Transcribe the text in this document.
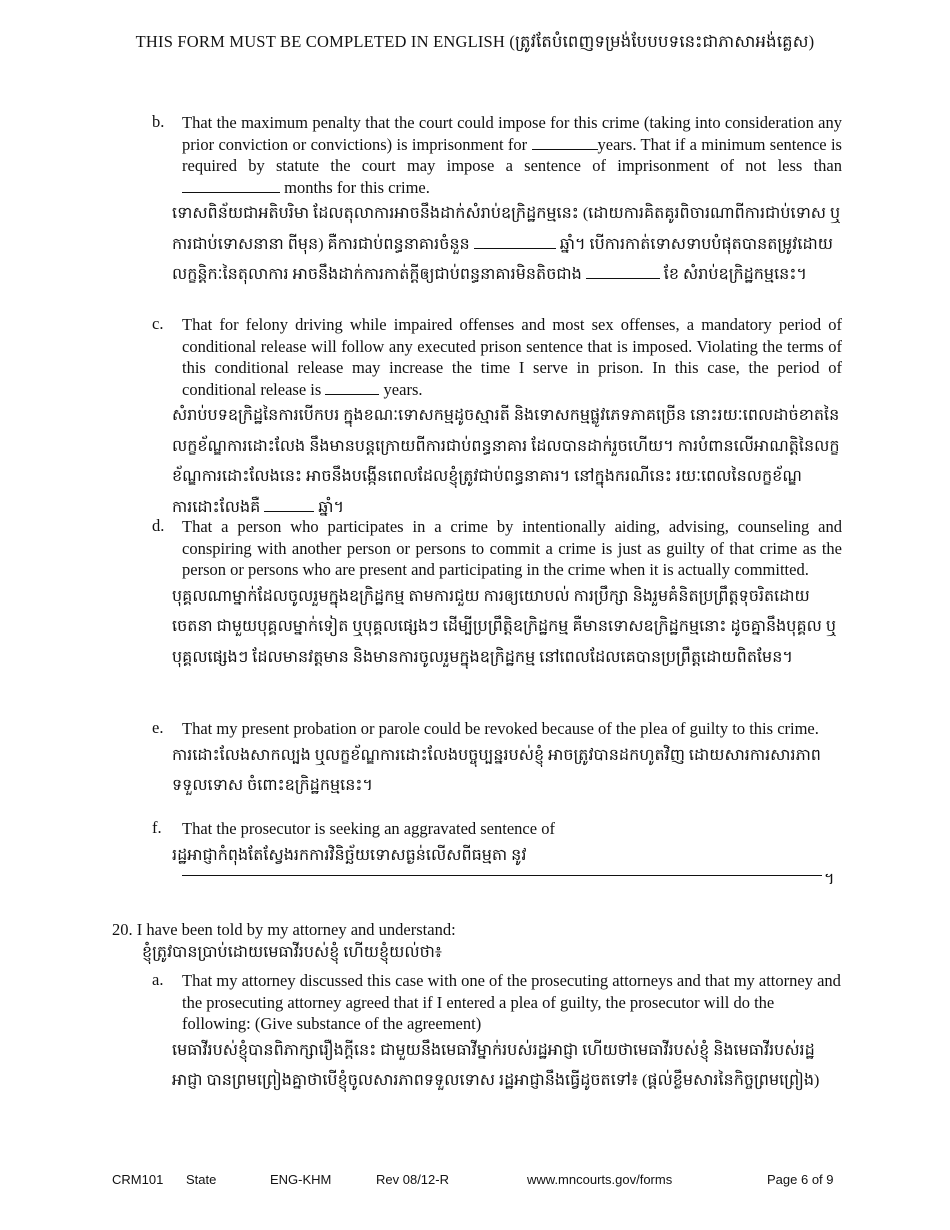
THIS FORM MUST BE COMPLETED IN ENGLISH (ត្រូវតែបំពេញទម្រង់បែបបទនេះជាភាសាអង់គ្លេស)
b.	That the maximum penalty that the court could impose for this crime (taking into consideration any prior conviction or convictions) is imprisonment for	years. That if a minimum sentence is required by statute the court may impose a sentence of imprisonment of not less than  months for this crime.
ទោសពិន័យជាអតិបរិមា ដែលតុលាការអាចនឹងដាក់សំរាប់ឧក្រិដ្ឋកម្មនេះ (ដោយការគិតគូរពិចារណាពីការជាប់ទោស ឬការជាប់ទោសនានា ពីមុន) គឺការជាប់ពន្ធនាគារចំនួន	ឆ្នាំ។ បើការកាត់ទោសទាបបំផុតបានតម្រូវដោយលក្ខន្តិកៈនៃតុលាការ អាចនឹងដាក់ការកាត់ក្ដីឲ្យជាប់ពន្ធនាគារមិនតិចជាង	ខែ សំរាប់ឧក្រិដ្ឋកម្មនេះ។
c.	That for felony driving while impaired offenses and most sex offenses, a mandatory period of conditional release will follow any executed prison sentence that is imposed. Violating the terms of this conditional release may increase the time I serve in prison. In this case, the period of conditional release is	years.
សំរាប់បទឧក្រិដ្ឋនៃការបើកបរ ក្នុងខណៈទោសកម្មដូចស្មារតី និងទោសកម្មផ្លូវភេទភាគច្រើន នោះរយៈពេលដាច់ខាតនៃលក្ខខ័ណ្ឌការដោះលែង នឹងមានបន្តក្រោយពីការជាប់ពន្ធនាគារ ដែលបានដាក់រួចហើយ។ ការបំពានលើអាណត្តិនៃលក្ខខ័ណ្ឌការដោះលែងនេះ អាចនឹងបង្កើនពេលដែលខ្ញុំត្រូវជាប់ពន្ធនាគារ។ នៅក្នុងករណីនេះ រយៈពេលនៃលក្ខខ័ណ្ឌការដោះលែងគឺ	ឆ្នាំ។
d.	That a person who participates in a crime by intentionally aiding, advising, counseling and conspiring with another person or persons to commit a crime is just as guilty of that crime as the person or persons who are present and participating in the crime when it is actually committed.
បុគ្គលណាម្នាក់ដែលចូលរួមក្នុងឧក្រិដ្ឋកម្ម តាមការជួយ ការឲ្យយោបល់ ការប្រឹក្សា និងរួមគំនិតប្រព្រឹត្តទុចរិតដោយចេតនា ជាមួយបុគ្គលម្នាក់ទៀត ឬបុគ្គលផ្សេងៗ ដើម្បីប្រព្រឹត្តិឧក្រិដ្ឋកម្ម គឺមានទោសឧក្រិដ្ឋកម្មនោះ ដូចគ្នានឹងបុគ្គល ឬបុគ្គលផ្សេងៗ ដែលមានវត្តមាន និងមានការចូលរួមក្នុងឧក្រិដ្ឋកម្ម នៅពេលដែលគេបានប្រព្រឹត្តដោយពិតមែន។
e.	That my present probation or parole could be revoked because of the plea of guilty to this crime.
ការដោះលែងសាកល្បង ឬលក្ខខ័ណ្ឌការដោះលែងបច្ចុប្បន្នរបស់ខ្ញុំ អាចត្រូវបានដកហូតវិញ ដោយសារការសារភាពទទួលទោស ចំពោះឧក្រិដ្ឋកម្មនេះ។
f.	That the prosecutor is seeking an aggravated sentence of
រដ្ឋអាជ្ញាកំពុងតែស្វែងរកការវិនិច្ឆ័យទោសធ្ងន់លើសពីធម្មតា នូវ
។
20. I have been told by my attorney and understand:
ខ្ញុំត្រូវបានប្រាប់ដោយមេធាវីរបស់ខ្ញុំ ហើយខ្ញុំយល់ថា៖
a. That my attorney discussed this case with one of the prosecuting attorneys and that my attorney and the prosecuting attorney agreed that if I entered a plea of guilty, the prosecutor will do the following: (Give substance of the agreement)
មេធាវីរបស់ខ្ញុំបានពិភាក្សារឿងក្ដីនេះ ជាមួយនឹងមេធាវីម្នាក់របស់រដ្ឋអាជ្ញា ហើយថាមេធាវីរបស់ខ្ញុំ និងមេធាវីរបស់រដ្ឋអាជ្ញា បានព្រមព្រៀងគ្នាថាបើខ្ញុំចូលសារភាពទទួលទោស រដ្ឋអាជ្ញានឹងធ្វើដូចតទៅ៖ (ផ្ដល់ខ្លឹមសារនៃកិច្ចព្រមព្រៀង)
CRM101 State	ENG-KHM	Rev 08/12-R	www.mncourts.gov/forms	Page 6 of 9
